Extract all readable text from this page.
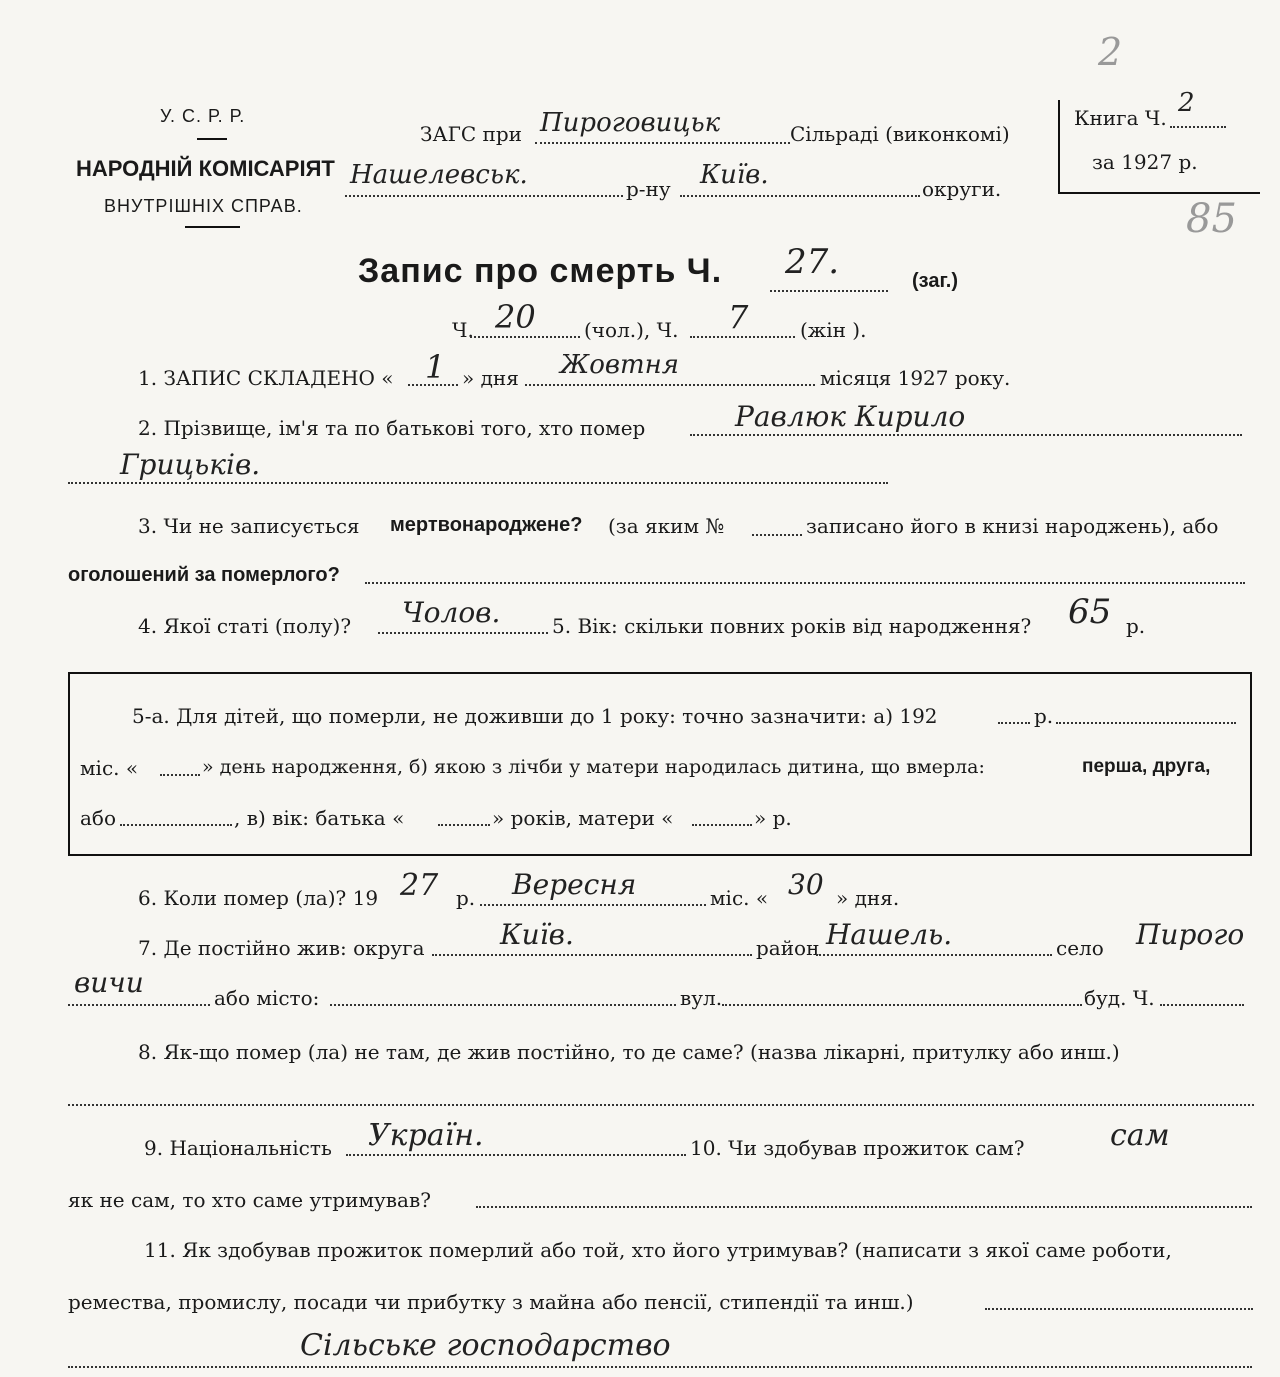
У. С. Р. Р.
НАРОДНІЙ КОМІСАРІЯТ
ВНУТРІШНІХ СПРАВ.
ЗАГС при Пироговицьк	Сільраді (виконкомі)
Нашелевськ.	р-ну Київ.	округи.
Книга Ч. 2
за 1927 р.
2
85
Запис про смерть Ч. 27.	(заг.)
Ч. 20 (чол.), Ч. 7	(жін ).
1. ЗАПИС СКЛАДЕНО « 1 » дня Жовтня	місяця 1927 року.
2. Прізвище, ім'я та по батькові того, хто помер	Равлюк Кирило
Грицьків.
3. Чи не записується мертвонароджене? (за яким №	записано його в книзі народжень), або
оголошений за померлого?
4. Якої статі (полу)? Чолов.	5. Вік: скільки повних років від народження? 65 р.
5-а. Для дітей, що померли, не доживши до 1 року: точно зазначити: а) 192	р.
міс. «	» день народження, б) якою з лічби у матери народилась дитина, що вмерла:	перша, друга,
або	, в) вік: батька «	» років, матери «	» р.
6. Коли помер (ла)? 19 27 р. Вересня	міс. « 30 » дня.
7. Де постійно жив: округа	Київ.	район Нашель.	село Пирого
вичи	або місто:	вул.	буд. Ч.
8. Як-що помер (ла) не там, де жив постійно, то де саме? (назва лікарні, притулку або инш.)
9. Національність Україн.	10. Чи здобував прожиток сам?	сам
як не сам, то хто саме утримував?
11. Як здобував прожиток померлий або той, хто його утримував? (написати з якої саме роботи,
ремества, промислу, посади чи прибутку з майна або пенсії, стипендії та инш.)
Сільське господарство
